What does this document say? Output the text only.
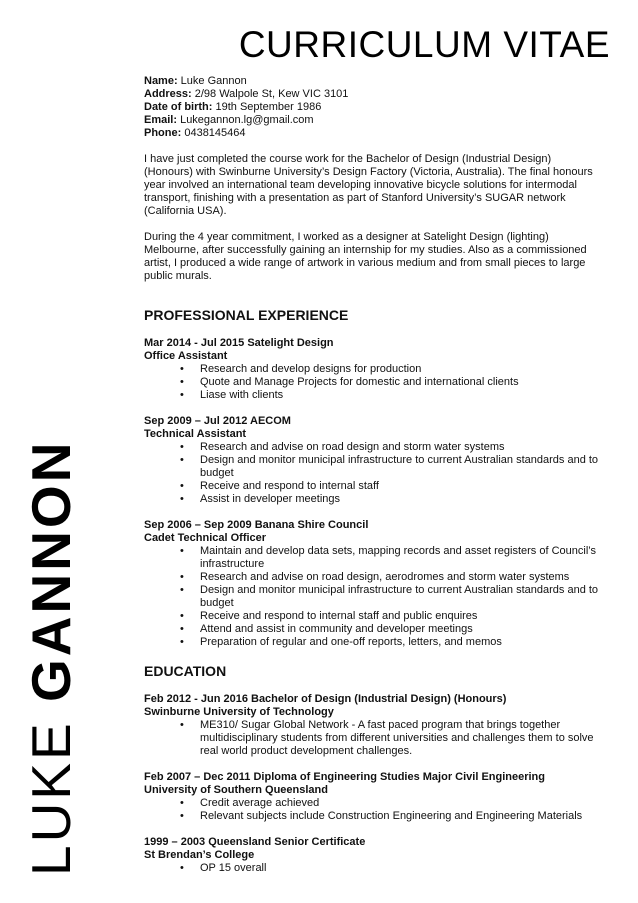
CURRICULUM VITAE
LUKE GANNON
Name: Luke Gannon
Address: 2/98 Walpole St, Kew VIC 3101
Date of birth: 19th September 1986
Email: Lukegannon.lg@gmail.com
Phone: 0438145464

I have just completed the course work for the Bachelor of Design (Industrial Design) (Honours) with Swinburne University’s Design Factory (Victoria, Australia). The final honours year involved an international team developing innovative bicycle solutions for intermodal transport, finishing with a presentation as part of Stanford University’s SUGAR network (California USA).

During the 4 year commitment, I worked as a designer at Satelight Design (lighting) Melbourne, after successfully gaining an internship for my studies. Also as a commissioned artist, I produced a wide range of artwork in various medium and from small pieces to large public murals.

PROFESSIONAL EXPERIENCE
Mar 2014 - Jul 2015 Satelight Design
Office Assistant
• Research and develop designs for production
• Quote and Manage Projects for domestic and international clients
• Liase with clients
Sep 2009 – Jul 2012 AECOM
Technical Assistant
• Research and advise on road design and storm water systems
• Design and monitor municipal infrastructure to current Australian standards and to budget
• Receive and respond to internal staff
• Assist in developer meetings
Sep 2006 – Sep 2009 Banana Shire Council
Cadet Technical Officer
• Maintain and develop data sets, mapping records and asset registers of Council’s infrastructure
• Research and advise on road design, aerodromes and storm water systems
• Design and monitor municipal infrastructure to current Australian standards and to budget
• Receive and respond to internal staff and public enquires
• Attend and assist in community and developer meetings
• Preparation of regular and one-off reports, letters, and memos
EDUCATION
Feb 2012 - Jun 2016 Bachelor of Design (Industrial Design) (Honours)
Swinburne University of Technology
• ME310/ Sugar Global Network - A fast paced program that brings together multidisciplinary students from different universities and challenges them to solve real world product development challenges.
Feb 2007 – Dec 2011 Diploma of Engineering Studies Major Civil Engineering
University of Southern Queensland
• Credit average achieved
• Relevant subjects include Construction Engineering and Engineering Materials
1999 – 2003 Queensland Senior Certificate
St Brendan’s College
• OP 15 overall
